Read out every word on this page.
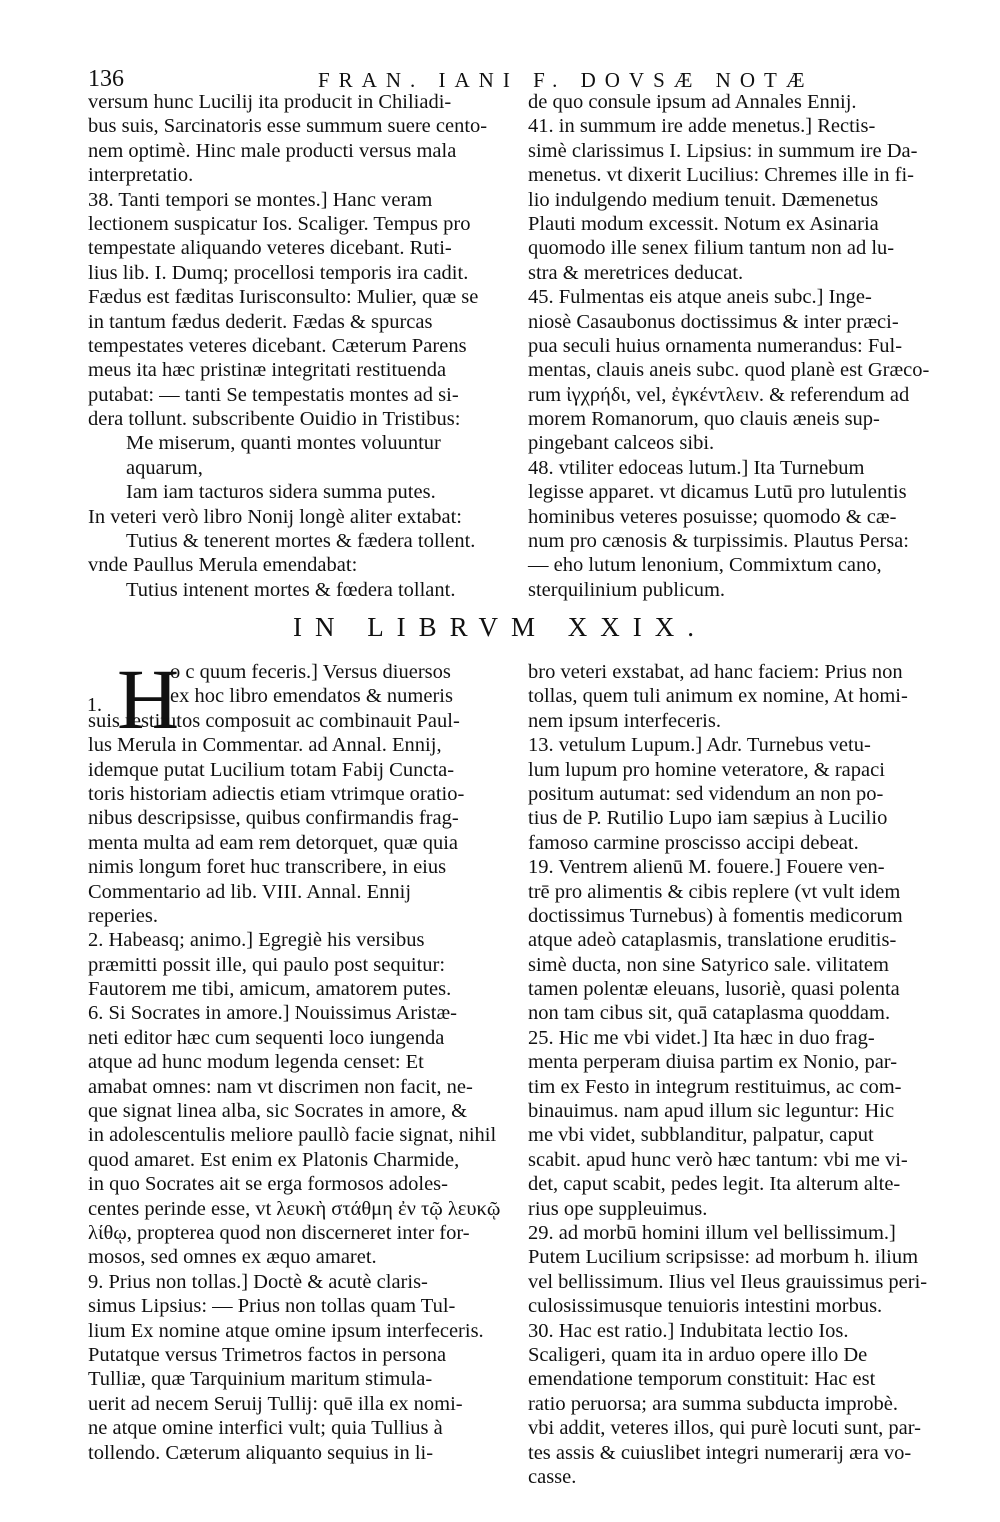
136	FRAN. IANI F. DOVSÆ NOTÆ
versum hunc Lucilij ita producit in Chiliadi-
bus suis, Sarcinatoris esse summum suere cento-
nem optimè. Hinc male producti versus mala
interpretatio.
38. Tanti tempori se montes.] Hanc veram
lectionem suspicatur Ios. Scaliger. Tempus pro
tempestate aliquando veteres dicebant. Ruti-
lius lib. I. Dumq; procellosi temporis ira cadit.
Fædus est fæditas Iurisconsulto: Mulier, quæ se
in tantum fædus dederit. Fædas & spurcas
tempestates veteres dicebant. Cæterum Parens
meus ita hæc pristinæ integritati restituenda
putabat: — tanti Se tempestatis montes ad si-
dera tollunt. subscribente Ouidio in Tristibus:
Me miserum, quanti montes voluuntur
aquarum,
Iam iam tacturos sidera summa putes.
In veteri verò libro Nonij longè aliter extabat:
Tutius & tenerent mortes & fædera tollent.
vnde Paullus Merula emendabat:
Tutius intenent mortes & fœdera tollant.
de quo consule ipsum ad Annales Ennij.
41. in summum ire adde menetus.] Rectis-
simè clarissimus I. Lipsius: in summum ire Da-
menetus. vt dixerit Lucilius: Chremes ille in fi-
lio indulgendo medium tenuit. Dæmenetus
Plauti modum excessit. Notum ex Asinaria
quomodo ille senex filium tantum non ad lu-
stra & meretrices deducat.
45. Fulmentas eis atque aneis subc.] Inge-
niosè Casaubonus doctissimus & inter præci-
pua seculi huius ornamenta numerandus: Ful-
mentas, clauis aneis subc. quod planè est Græco-
rum ἰγχρήδι, vel, ἐγκέντλειν. & referendum ad
morem Romanorum, quo clauis æneis sup-
pingebant calceos sibi.
48. vtiliter edoceas lutum.] Ita Turnebum
legisse apparet. vt dicamus Lutū pro lutulentis
hominibus veteres posuisse; quomodo & cæ-
num pro cænosis & turpissimis. Plautus Persa:
— eho lutum lenonium, Commixtum cano,
sterquilinium publicum.
IN LIBRVM XXIX.
1. H
o c quum feceris.] Versus diuersos
ex hoc libro emendatos & numeris
suis restitutos composuit ac combinauit Paul-
lus Merula in Commentar. ad Annal. Ennij,
idemque putat Lucilium totam Fabij Cuncta-
toris historiam adiectis etiam vtrimque oratio-
nibus descripsisse, quibus confirmandis frag-
menta multa ad eam rem detorquet, quæ quia
nimis longum foret huc transcribere, in eius
Commentario ad lib. VIII. Annal. Ennij
reperies.
2. Habeasq; animo.] Egregiè his versibus
præmitti possit ille, qui paulo post sequitur:
Fautorem me tibi, amicum, amatorem putes.
6. Si Socrates in amore.] Nouissimus Aristæ-
neti editor hæc cum sequenti loco iungenda
atque ad hunc modum legenda censet: Et
amabat omnes: nam vt discrimen non facit, ne-
que signat linea alba, sic Socrates in amore, &
in adolescentulis meliore paullò facie signat, nihil
quod amaret. Est enim ex Platonis Charmide,
in quo Socrates ait se erga formosos adoles-
centes perinde esse, vt λευκὴ στάθμη ἐν τῷ λευκῷ
λίθῳ, propterea quod non discerneret inter for-
mosos, sed omnes ex æquo amaret.
9. Prius non tollas.] Doctè & acutè claris-
simus Lipsius: — Prius non tollas quam Tul-
lium Ex nomine atque omine ipsum interfeceris.
Putatque versus Trimetros factos in persona
Tulliæ, quæ Tarquinium maritum stimula-
uerit ad necem Seruij Tullij: quē illa ex nomi-
ne atque omine interfici vult; quia Tullius à
tollendo. Cæterum aliquanto sequius in li-
bro veteri exstabat, ad hanc faciem: Prius non
tollas, quem tuli animum ex nomine, At homi-
nem ipsum interfeceris.
13. vetulum Lupum.] Adr. Turnebus vetu-
lum lupum pro homine veteratore, & rapaci
positum autumat: sed videndum an non po-
tius de P. Rutilio Lupo iam sæpius à Lucilio
famoso carmine proscisso accipi debeat.
19. Ventrem alienū M. fouere.] Fouere ven-
trē pro alimentis & cibis replere (vt vult idem
doctissimus Turnebus) à fomentis medicorum
atque adeò cataplasmis, translatione eruditis-
simè ducta, non sine Satyrico sale. vilitatem
tamen polentæ eleuans, lusoriè, quasi polenta
non tam cibus sit, quā cataplasma quoddam.
25. Hic me vbi videt.] Ita hæc in duo frag-
menta perperam diuisa partim ex Nonio, par-
tim ex Festo in integrum restituimus, ac com-
binauimus. nam apud illum sic leguntur: Hic
me vbi videt, subblanditur, palpatur, caput
scabit. apud hunc verò hæc tantum: vbi me vi-
det, caput scabit, pedes legit. Ita alterum alte-
rius ope suppleuimus.
29. ad morbū homini illum vel bellissimum.]
Putem Lucilium scripsisse: ad morbum h. ilium
vel bellissimum. Ilius vel Ileus grauissimus peri-
culosissimusque tenuioris intestini morbus.
30. Hac est ratio.] Indubitata lectio Ios.
Scaligeri, quam ita in arduo opere illo De
emendatione temporum constituit: Hac est
ratio peruorsa; ara summa subducta improbè.
vbi addit, veteres illos, qui purè locuti sunt, par-
tes assis & cuiuslibet integri numerarij æra vo-
casse.
